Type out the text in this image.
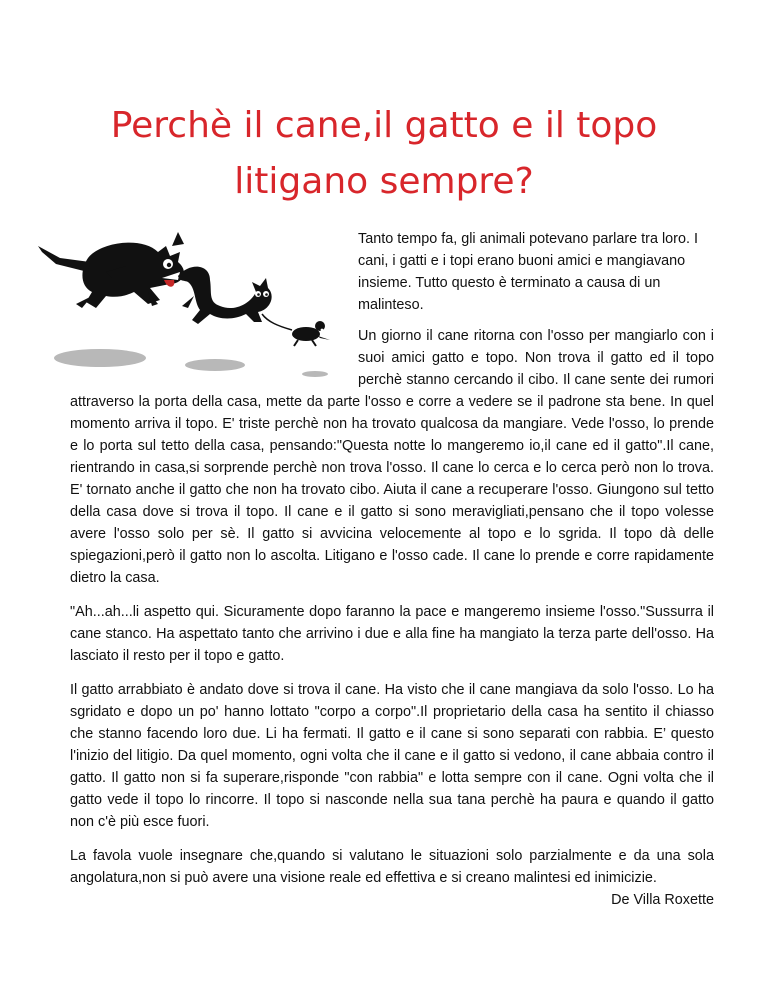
Perchè il cane,il gatto e il topo
litigano sempre?

Tanto tempo fa, gli animali potevano parlare tra loro. I cani, i gatti e i topi erano buoni amici e mangiavano insieme. Tutto questo è terminato a causa di un malinteso.

Un giorno il cane ritorna con l'osso per mangiarlo con i suoi amici gatto e topo. Non trova il gatto ed il topo perchè stanno cercando il cibo. Il cane sente dei rumori attraverso la porta della casa, mette da parte l'osso e corre a vedere se il padrone sta bene. In quel momento arriva il topo. E' triste perchè non ha trovato qualcosa da mangiare. Vede l'osso, lo prende e lo porta sul tetto della casa, pensando:"Questa notte lo mangeremo io,il cane ed il gatto".Il cane, rientrando in casa,si sorprende perchè non trova l'osso. Il cane lo cerca e lo cerca però non lo trova. E' tornato anche il gatto che non ha trovato cibo. Aiuta il cane a recuperare l'osso. Giungono sul tetto della casa dove si trova il topo. Il cane e il gatto si sono meravigliati,pensano che il topo volesse avere l'osso solo per sè. Il gatto si avvicina velocemente al topo e lo sgrida. Il topo dà delle spiegazioni,però il gatto non lo ascolta. Litigano e l'osso cade. Il cane lo prende e corre rapidamente dietro la casa.

"Ah...ah...li aspetto qui. Sicuramente dopo faranno la pace e mangeremo insieme l'osso."Sussurra il cane stanco. Ha aspettato tanto che arrivino i due e alla fine ha mangiato la terza parte dell'osso. Ha lasciato il resto per il topo e gatto.

Il gatto arrabbiato è andato dove si trova il cane. Ha visto che il cane mangiava da solo l'osso. Lo ha sgridato e dopo un po' hanno lottato "corpo a corpo".Il proprietario della casa ha sentito il chiasso che stanno facendo loro due. Li ha fermati. Il gatto e il cane si sono separati con rabbia. E’ questo l'inizio del litigio. Da quel momento, ogni volta che il cane e il gatto si vedono, il cane abbaia contro il gatto. Il gatto non si fa superare,risponde "con rabbia" e lotta sempre con il cane. Ogni volta che il gatto vede il topo lo rincorre. Il topo si nasconde nella sua tana perchè ha paura e quando il gatto non c'è più esce fuori.

La favola vuole insegnare che,quando si valutano le situazioni solo parzialmente e da una sola angolatura,non si può avere una visione reale ed effettiva e si creano malintesi ed inimicizie.
De Villa Roxette
